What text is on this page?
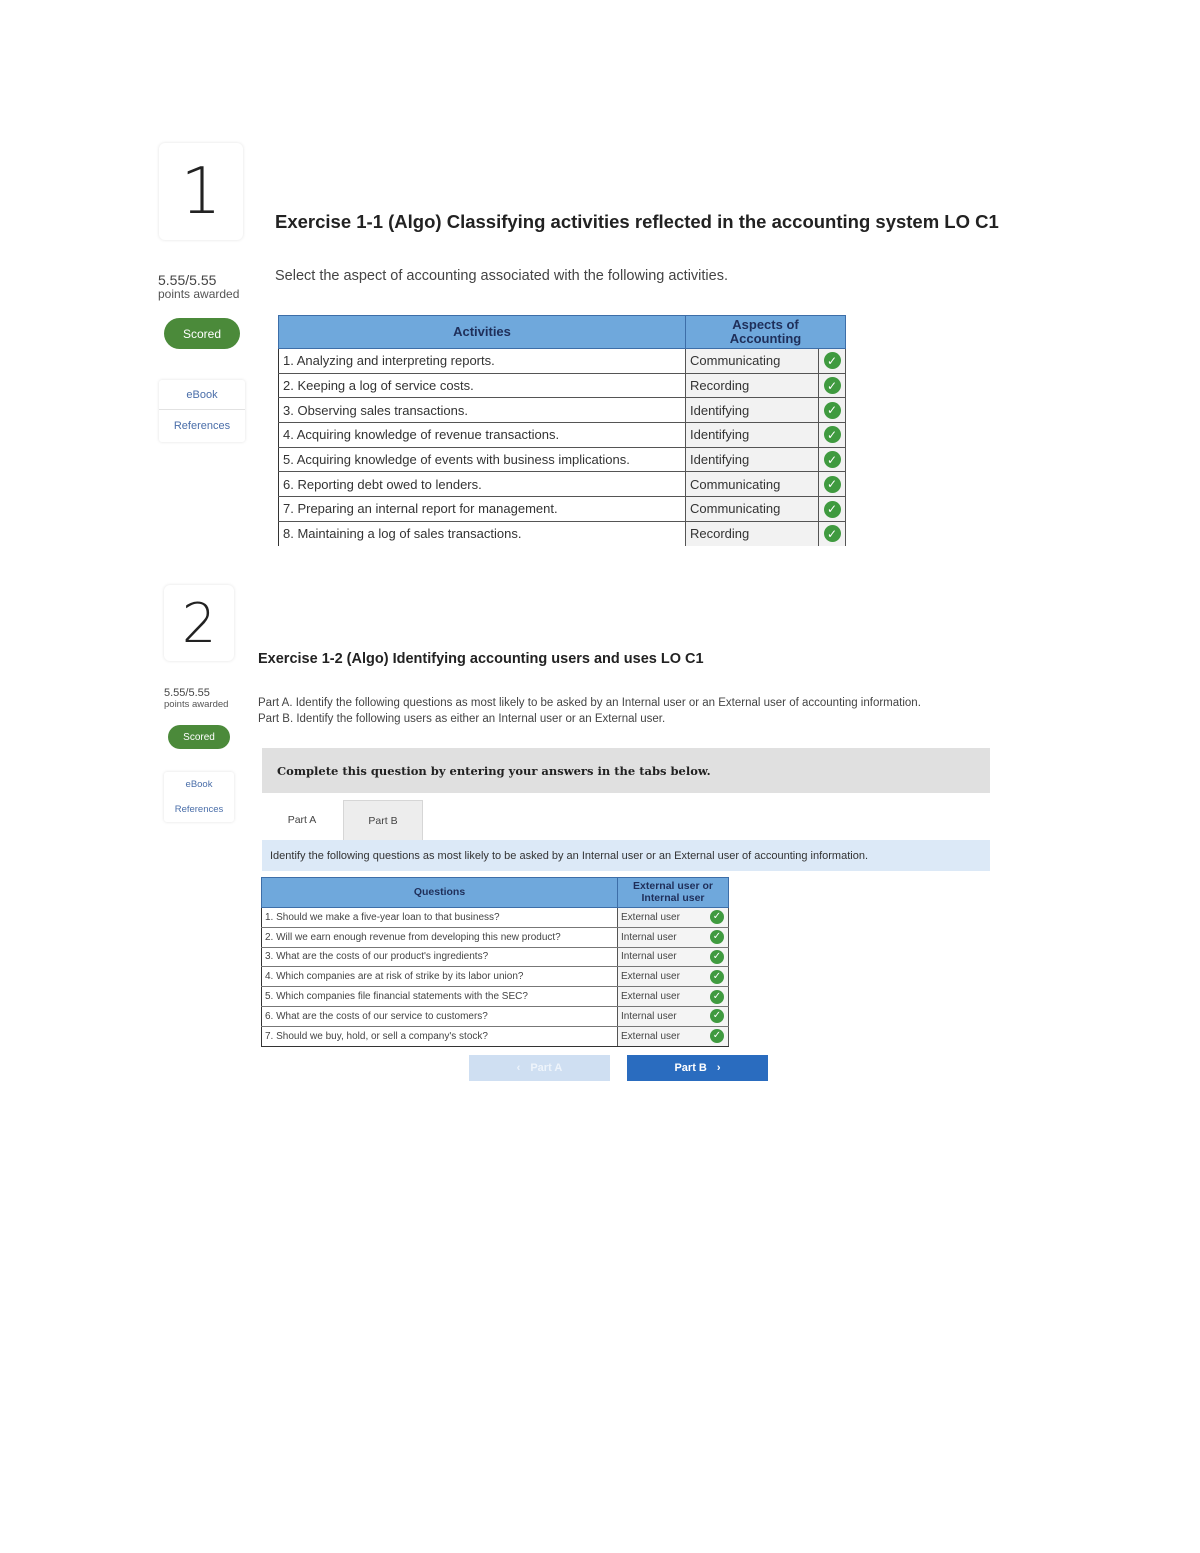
1
5.55/5.55
points awarded
Scored
eBook
References
Exercise 1-1 (Algo) Classifying activities reflected in the accounting system LO C1
Select the aspect of accounting associated with the following activities.
Activities	Aspects of Accounting	
1. Analyzing and interpreting reports.	Communicating	✓
2. Keeping a log of service costs.	Recording	✓
3. Observing sales transactions.	Identifying	✓
4. Acquiring knowledge of revenue transactions.	Identifying	✓
5. Acquiring knowledge of events with business implications.	Identifying	✓
6. Reporting debt owed to lenders.	Communicating	✓
7. Preparing an internal report for management.	Communicating	✓
8. Maintaining a log of sales transactions.	Recording	✓
2
5.55/5.55
points awarded
Scored
eBook
References
Exercise 1-2 (Algo) Identifying accounting users and uses LO C1
Part A. Identify the following questions as most likely to be asked by an Internal user or an External user of accounting information.
Part B. Identify the following users as either an Internal user or an External user.
Complete this question by entering your answers in the tabs below.
Part A	Part B
Identify the following questions as most likely to be asked by an Internal user or an External user of accounting information.
Questions	External user or Internal user	
1. Should we make a five-year loan to that business?	External user	✓
2. Will we earn enough revenue from developing this new product?	Internal user	✓
3. What are the costs of our product's ingredients?	Internal user	✓
4. Which companies are at risk of strike by its labor union?	External user	✓
5. Which companies file financial statements with the SEC?	External user	✓
6. What are the costs of our service to customers?	Internal user	✓
7. Should we buy, hold, or sell a company's stock?	External user	✓
‹ Part A	Part B ›
